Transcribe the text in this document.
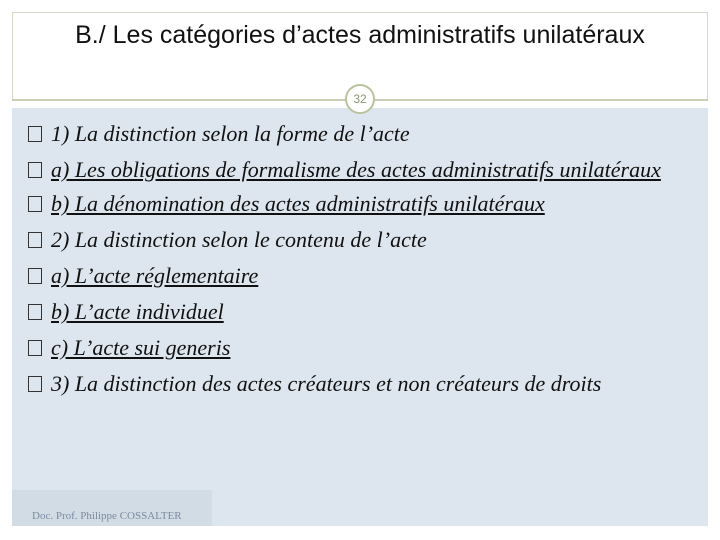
B./ Les catégories d’actes administratifs unilatéraux
32
1) La distinction selon la forme de l’acte
a) Les obligations de formalisme des actes administratifs unilatéraux
b) La dénomination des actes administratifs unilatéraux
2) La distinction selon le contenu de l’acte
a) L’acte réglementaire
b) L’acte individuel
c) L’acte sui generis
3) La distinction des actes créateurs et non créateurs de droits
Doc. Prof. Philippe COSSALTER
